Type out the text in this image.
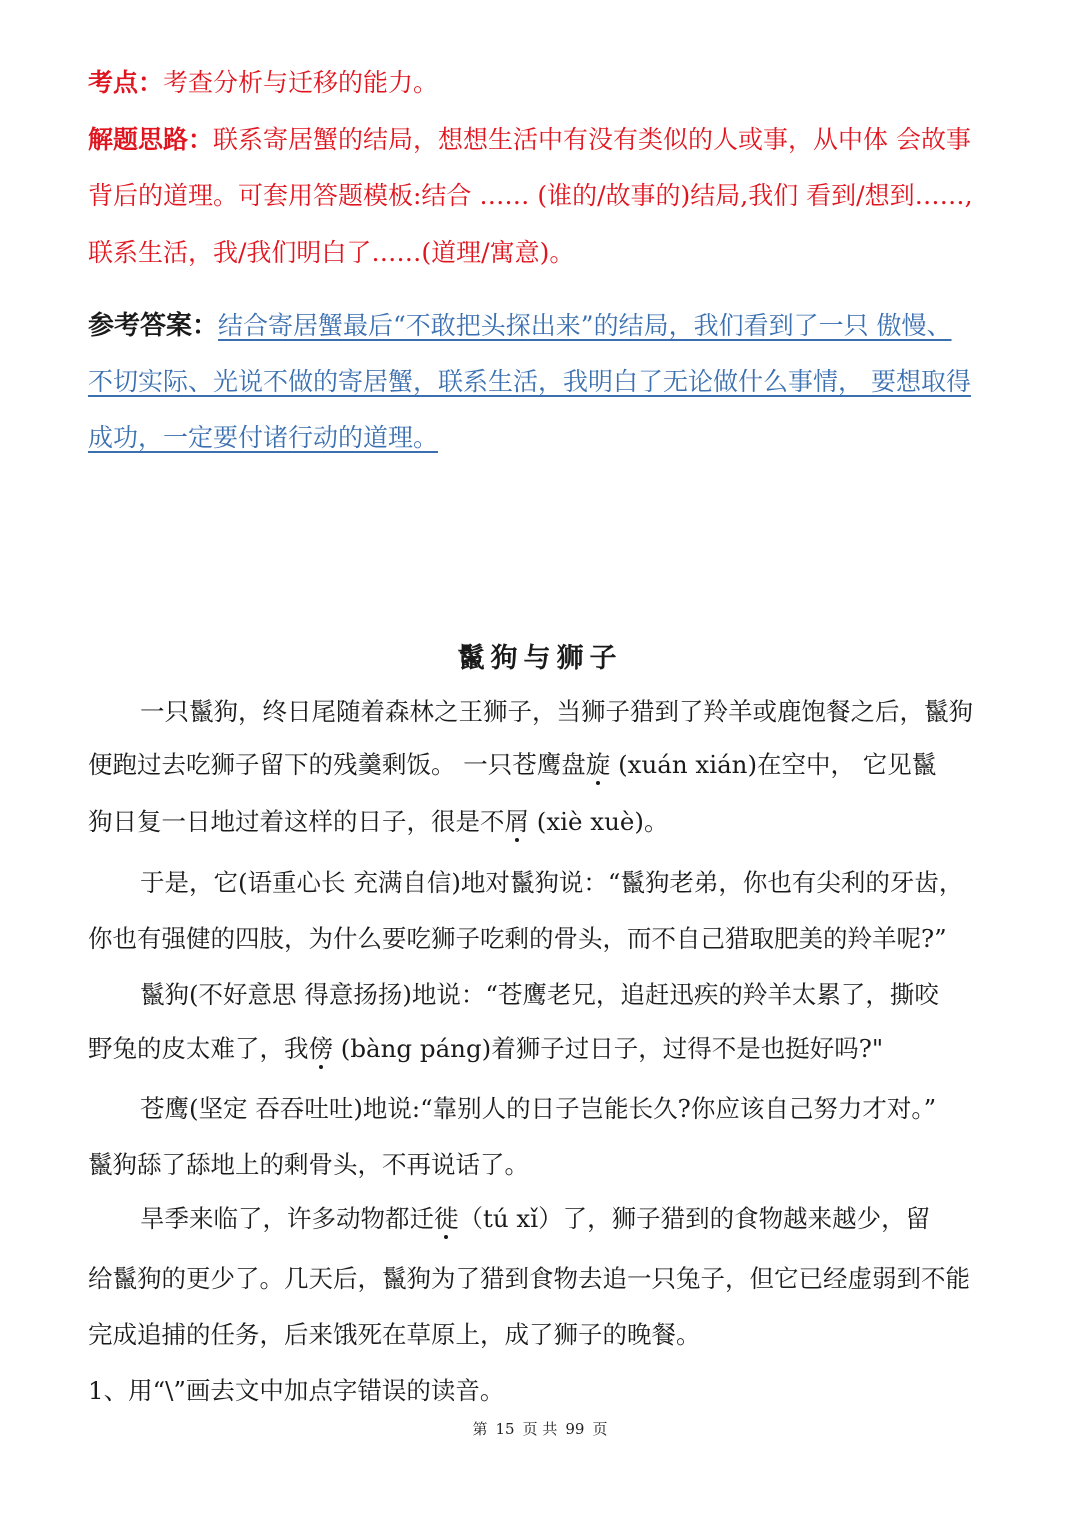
考点：考查分析与迁移的能力。
解题思路：联系寄居蟹的结局，想想生活中有没有类似的人或事，从中体 会故事
背后的道理。可套用答题模板:结合 …… (谁的/故事的)结局,我们 看到/想到……,
联系生活，我/我们明白了……(道理/寓意)。
参考答案：结合寄居蟹最后“不敢把头探出来”的结局，我们看到了一只 傲慢、
不切实际、光说不做的寄居蟹，联系生活，我明白了无论做什么事情， 要想取得
成功，一定要付诸行动的道理。
鬣狗与狮子
一只鬣狗，终日尾随着森林之王狮子，当狮子猎到了羚羊或鹿饱餐之后，鬣狗
便跑过去吃狮子留下的残羹剩饭。 一只苍鹰盘旋 (xuán xián)在空中， 它见鬣
狗日复一日地过着这样的日子，很是不屑 (xiè xuè)。
于是，它(语重心长 充满自信)地对鬣狗说：“鬣狗老弟，你也有尖利的牙齿，
你也有强健的四肢，为什么要吃狮子吃剩的骨头，而不自己猎取肥美的羚羊呢?”
鬣狗(不好意思 得意扬扬)地说：“苍鹰老兄，追赶迅疾的羚羊太累了，撕咬
野兔的皮太难了，我傍 (bàng páng)着狮子过日子，过得不是也挺好吗?"
苍鹰(坚定 吞吞吐吐)地说:“靠别人的日子岂能长久?你应该自己努力才对。”
鬣狗舔了舔地上的剩骨头，不再说话了。
旱季来临了，许多动物都迁徙（tú xǐ）了，狮子猎到的食物越来越少，留
给鬣狗的更少了。几天后，鬣狗为了猎到食物去追一只兔子，但它已经虚弱到不能
完成追捕的任务，后来饿死在草原上，成了狮子的晚餐。
1、用“\”画去文中加点字错误的读音。
第 15 页 共 99 页
